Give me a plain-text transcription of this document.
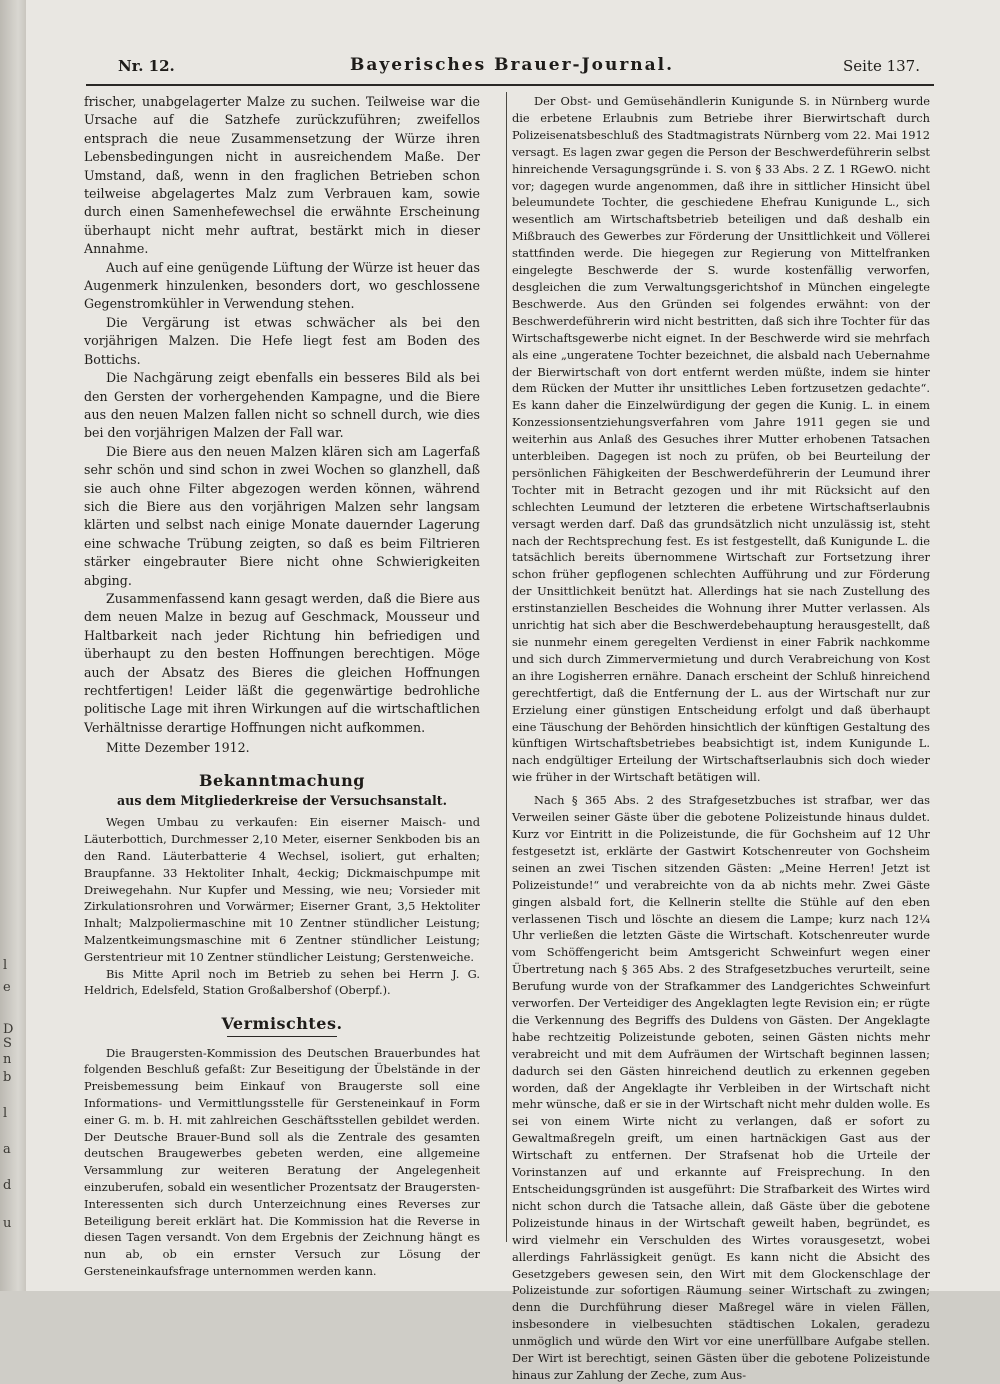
l
e
D
S
n
b
l
a
d
u
Nr. 12.	Bayerisches Brauer-Journal.	Seite 137.

frischer, unabgelagerter Malze zu suchen. Teilweise war die Ursache auf die Satzhefe zurückzuführen; zweifellos entsprach die neue Zusammensetzung der Würze ihren Lebensbedingungen nicht in ausreichendem Maße. Der Umstand, daß, wenn in den fraglichen Betrieben schon teilweise abgelagertes Malz zum Verbrauen kam, sowie durch einen Samenhefewechsel die erwähnte Erscheinung überhaupt nicht mehr auftrat, bestärkt mich in dieser Annahme.

Auch auf eine genügende Lüftung der Würze ist heuer das Augenmerk hinzulenken, besonders dort, wo geschlossene Gegenstromkühler in Verwendung stehen.

Die Vergärung ist etwas schwächer als bei den vorjährigen Malzen. Die Hefe liegt fest am Boden des Bottichs.

Die Nachgärung zeigt ebenfalls ein besseres Bild als bei den Gersten der vorhergehenden Kampagne, und die Biere aus den neuen Malzen fallen nicht so schnell durch, wie dies bei den vorjährigen Malzen der Fall war.

Die Biere aus den neuen Malzen klären sich am Lagerfaß sehr schön und sind schon in zwei Wochen so glanzhell, daß sie auch ohne Filter abgezogen werden können, während sich die Biere aus den vorjährigen Malzen sehr langsam klärten und selbst nach einige Monate dauernder Lagerung eine schwache Trübung zeigten, so daß es beim Filtrieren stärker eingebrauter Biere nicht ohne Schwierigkeiten abging.

Zusammenfassend kann gesagt werden, daß die Biere aus dem neuen Malze in bezug auf Geschmack, Mousseur und Haltbarkeit nach jeder Richtung hin befriedigen und überhaupt zu den besten Hoffnungen berechtigen. Möge auch der Absatz des Bieres die gleichen Hoffnungen rechtfertigen! Leider läßt die gegenwärtige bedrohliche politische Lage mit ihren Wirkungen auf die wirtschaftlichen Verhältnisse derartige Hoffnungen nicht aufkommen.

Mitte Dezember 1912.

Bekanntmachung
aus dem Mitgliederkreise der Versuchsanstalt.

Wegen Umbau zu verkaufen: Ein eiserner Maisch- und Läuterbottich, Durchmesser 2,10 Meter, eiserner Senkboden bis an den Rand. Läuterbatterie 4 Wechsel, isoliert, gut erhalten; Braupfanne. 33 Hektoliter Inhalt, 4eckig; Dickmaischpumpe mit Dreiwegehahn. Nur Kupfer und Messing, wie neu; Vorsieder mit Zirkulationsrohren und Vorwärmer; Eiserner Grant, 3,5 Hektoliter Inhalt; Malzpoliermaschine mit 10 Zentner stündlicher Leistung; Malzentkeimungsmaschine mit 6 Zentner stündlicher Leistung; Gerstentrieur mit 10 Zentner stündlicher Leistung; Gerstenweiche.

Bis Mitte April noch im Betrieb zu sehen bei Herrn J. G. Heldrich, Edelsfeld, Station Großalbershof (Oberpf.).

Vermischtes.

Die Braugersten-Kommission des Deutschen Brauerbundes hat folgenden Beschluß gefaßt: Zur Beseitigung der Übelstände in der Preisbemessung beim Einkauf von Braugerste soll eine Informations- und Vermittlungsstelle für Gersteneinkauf in Form einer G. m. b. H. mit zahlreichen Geschäftsstellen gebildet werden. Der Deutsche Brauer-Bund soll als die Zentrale des gesamten deutschen Braugewerbes gebeten werden, eine allgemeine Versammlung zur weiteren Beratung der Angelegenheit einzuberufen, sobald ein wesentlicher Prozentsatz der Braugersten-Interessenten sich durch Unterzeichnung eines Reverses zur Beteiligung bereit erklärt hat. Die Kommission hat die Reverse in diesen Tagen versandt. Von dem Ergebnis der Zeichnung hängt es nun ab, ob ein ernster Versuch zur Lösung der Gersteneinkaufsfrage unternommen werden kann.

Der Obst- und Gemüsehändlerin Kunigunde S. in Nürnberg wurde die erbetene Erlaubnis zum Betriebe ihrer Bierwirtschaft durch Polizeisenatsbeschluß des Stadtmagistrats Nürnberg vom 22. Mai 1912 versagt. Es lagen zwar gegen die Person der Beschwerdeführerin selbst hinreichende Versagungsgründe i. S. von § 33 Abs. 2 Z. 1 RGewO. nicht vor; dagegen wurde angenommen, daß ihre in sittlicher Hinsicht übel beleumundete Tochter, die geschiedene Ehefrau Kunigunde L., sich wesentlich am Wirtschaftsbetrieb beteiligen und daß deshalb ein Mißbrauch des Gewerbes zur Förderung der Unsittlichkeit und Völlerei stattfinden werde. Die hiegegen zur Regierung von Mittelfranken eingelegte Beschwerde der S. wurde kostenfällig verworfen, desgleichen die zum Verwaltungsgerichtshof in München eingelegte Beschwerde. Aus den Gründen sei folgendes erwähnt: von der Beschwerdeführerin wird nicht bestritten, daß sich ihre Tochter für das Wirtschaftsgewerbe nicht eignet. In der Beschwerde wird sie mehrfach als eine „ungeratene Tochter bezeichnet, die alsbald nach Uebernahme der Bierwirtschaft von dort entfernt werden müßte, indem sie hinter dem Rücken der Mutter ihr unsittliches Leben fortzusetzen gedachte“. Es kann daher die Einzelwürdigung der gegen die Kunig. L. in einem Konzessionsentziehungsverfahren vom Jahre 1911 gegen sie und weiterhin aus Anlaß des Gesuches ihrer Mutter erhobenen Tatsachen unterbleiben. Dagegen ist noch zu prüfen, ob bei Beurteilung der persönlichen Fähigkeiten der Beschwerdeführerin der Leumund ihrer Tochter mit in Betracht gezogen und ihr mit Rücksicht auf den schlechten Leumund der letzteren die erbetene Wirtschaftserlaubnis versagt werden darf. Daß das grundsätzlich nicht unzulässig ist, steht nach der Rechtsprechung fest. Es ist festgestellt, daß Kunigunde L. die tatsächlich bereits übernommene Wirtschaft zur Fortsetzung ihrer schon früher gepflogenen schlechten Aufführung und zur Förderung der Unsittlichkeit benützt hat. Allerdings hat sie nach Zustellung des erstinstanziellen Bescheides die Wohnung ihrer Mutter verlassen. Als unrichtig hat sich aber die Beschwerdebehauptung herausgestellt, daß sie nunmehr einem geregelten Verdienst in einer Fabrik nachkomme und sich durch Zimmervermietung und durch Verabreichung von Kost an ihre Logisherren ernähre. Danach erscheint der Schluß hinreichend gerechtfertigt, daß die Entfernung der L. aus der Wirtschaft nur zur Erzielung einer günstigen Entscheidung erfolgt und daß überhaupt eine Täuschung der Behörden hinsichtlich der künftigen Gestaltung des künftigen Wirtschaftsbetriebes beabsichtigt ist, indem Kunigunde L. nach endgültiger Erteilung der Wirtschaftserlaubnis sich doch wieder wie früher in der Wirtschaft betätigen will.

Nach § 365 Abs. 2 des Strafgesetzbuches ist strafbar, wer das Verweilen seiner Gäste über die gebotene Polizeistunde hinaus duldet. Kurz vor Eintritt in die Polizeistunde, die für Gochsheim auf 12 Uhr festgesetzt ist, erklärte der Gastwirt Kotschenreuter von Gochsheim seinen an zwei Tischen sitzenden Gästen: „Meine Herren! Jetzt ist Polizeistunde!“ und verabreichte von da ab nichts mehr. Zwei Gäste gingen alsbald fort, die Kellnerin stellte die Stühle auf den eben verlassenen Tisch und löschte an diesem die Lampe; kurz nach 12¼ Uhr verließen die letzten Gäste die Wirtschaft. Kotschenreuter wurde vom Schöffengericht beim Amtsgericht Schweinfurt wegen einer Übertretung nach § 365 Abs. 2 des Strafgesetzbuches verurteilt, seine Berufung wurde von der Strafkammer des Landgerichtes Schweinfurt verworfen. Der Verteidiger des Angeklagten legte Revision ein; er rügte die Verkennung des Begriffs des Duldens von Gästen. Der Angeklagte habe rechtzeitig Polizeistunde geboten, seinen Gästen nichts mehr verabreicht und mit dem Aufräumen der Wirtschaft beginnen lassen; dadurch sei den Gästen hinreichend deutlich zu erkennen gegeben worden, daß der Angeklagte ihr Verbleiben in der Wirtschaft nicht mehr wünsche, daß er sie in der Wirtschaft nicht mehr dulden wolle. Es sei von einem Wirte nicht zu verlangen, daß er sofort zu Gewaltmaßregeln greift, um einen hartnäckigen Gast aus der Wirtschaft zu entfernen. Der Strafsenat hob die Urteile der Vorinstanzen auf und erkannte auf Freisprechung. In den Entscheidungsgründen ist ausgeführt: Die Strafbarkeit des Wirtes wird nicht schon durch die Tatsache allein, daß Gäste über die gebotene Polizeistunde hinaus in der Wirtschaft geweilt haben, begründet, es wird vielmehr ein Verschulden des Wirtes vorausgesetzt, wobei allerdings Fahrlässigkeit genügt. Es kann nicht die Absicht des Gesetzgebers gewesen sein, den Wirt mit dem Glockenschlage der Polizeistunde zur sofortigen Räumung seiner Wirtschaft zu zwingen; denn die Durchführung dieser Maßregel wäre in vielen Fällen, insbesondere in vielbesuchten städtischen Lokalen, geradezu unmöglich und würde den Wirt vor eine unerfüllbare Aufgabe stellen. Der Wirt ist berechtigt, seinen Gästen über die gebotene Polizeistunde hinaus zur Zahlung der Zeche, zum Aus-
